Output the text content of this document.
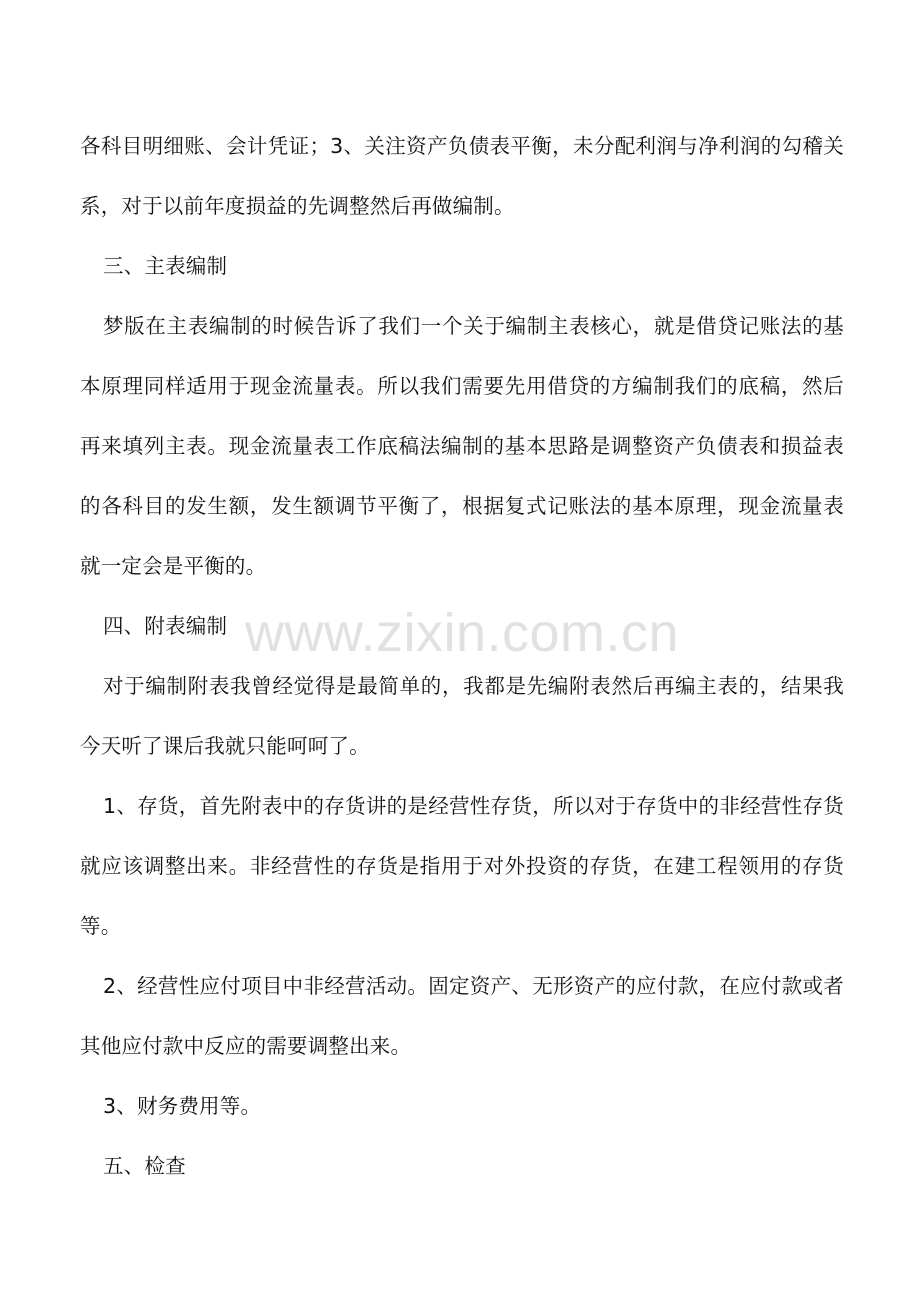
各科目明细账、会计凭证；3、关注资产负债表平衡，未分配利润与净利润的勾稽关系，对于以前年度损益的先调整然后再做编制。

三、主表编制

梦版在主表编制的时候告诉了我们一个关于编制主表核心，就是借贷记账法的基本原理同样适用于现金流量表。所以我们需要先用借贷的方编制我们的底稿，然后再来填列主表。现金流量表工作底稿法编制的基本思路是调整资产负债表和损益表的各科目的发生额，发生额调节平衡了，根据复式记账法的基本原理，现金流量表就一定会是平衡的。

四、附表编制

对于编制附表我曾经觉得是最简单的，我都是先编附表然后再编主表的，结果我今天听了课后我就只能呵呵了。

1、存货，首先附表中的存货讲的是经营性存货，所以对于存货中的非经营性存货就应该调整出来。非经营性的存货是指用于对外投资的存货，在建工程领用的存货等。

2、经营性应付项目中非经营活动。固定资产、无形资产的应付款，在应付款或者其他应付款中反应的需要调整出来。

3、财务费用等。

五、检查

www.zixin.com.cn
